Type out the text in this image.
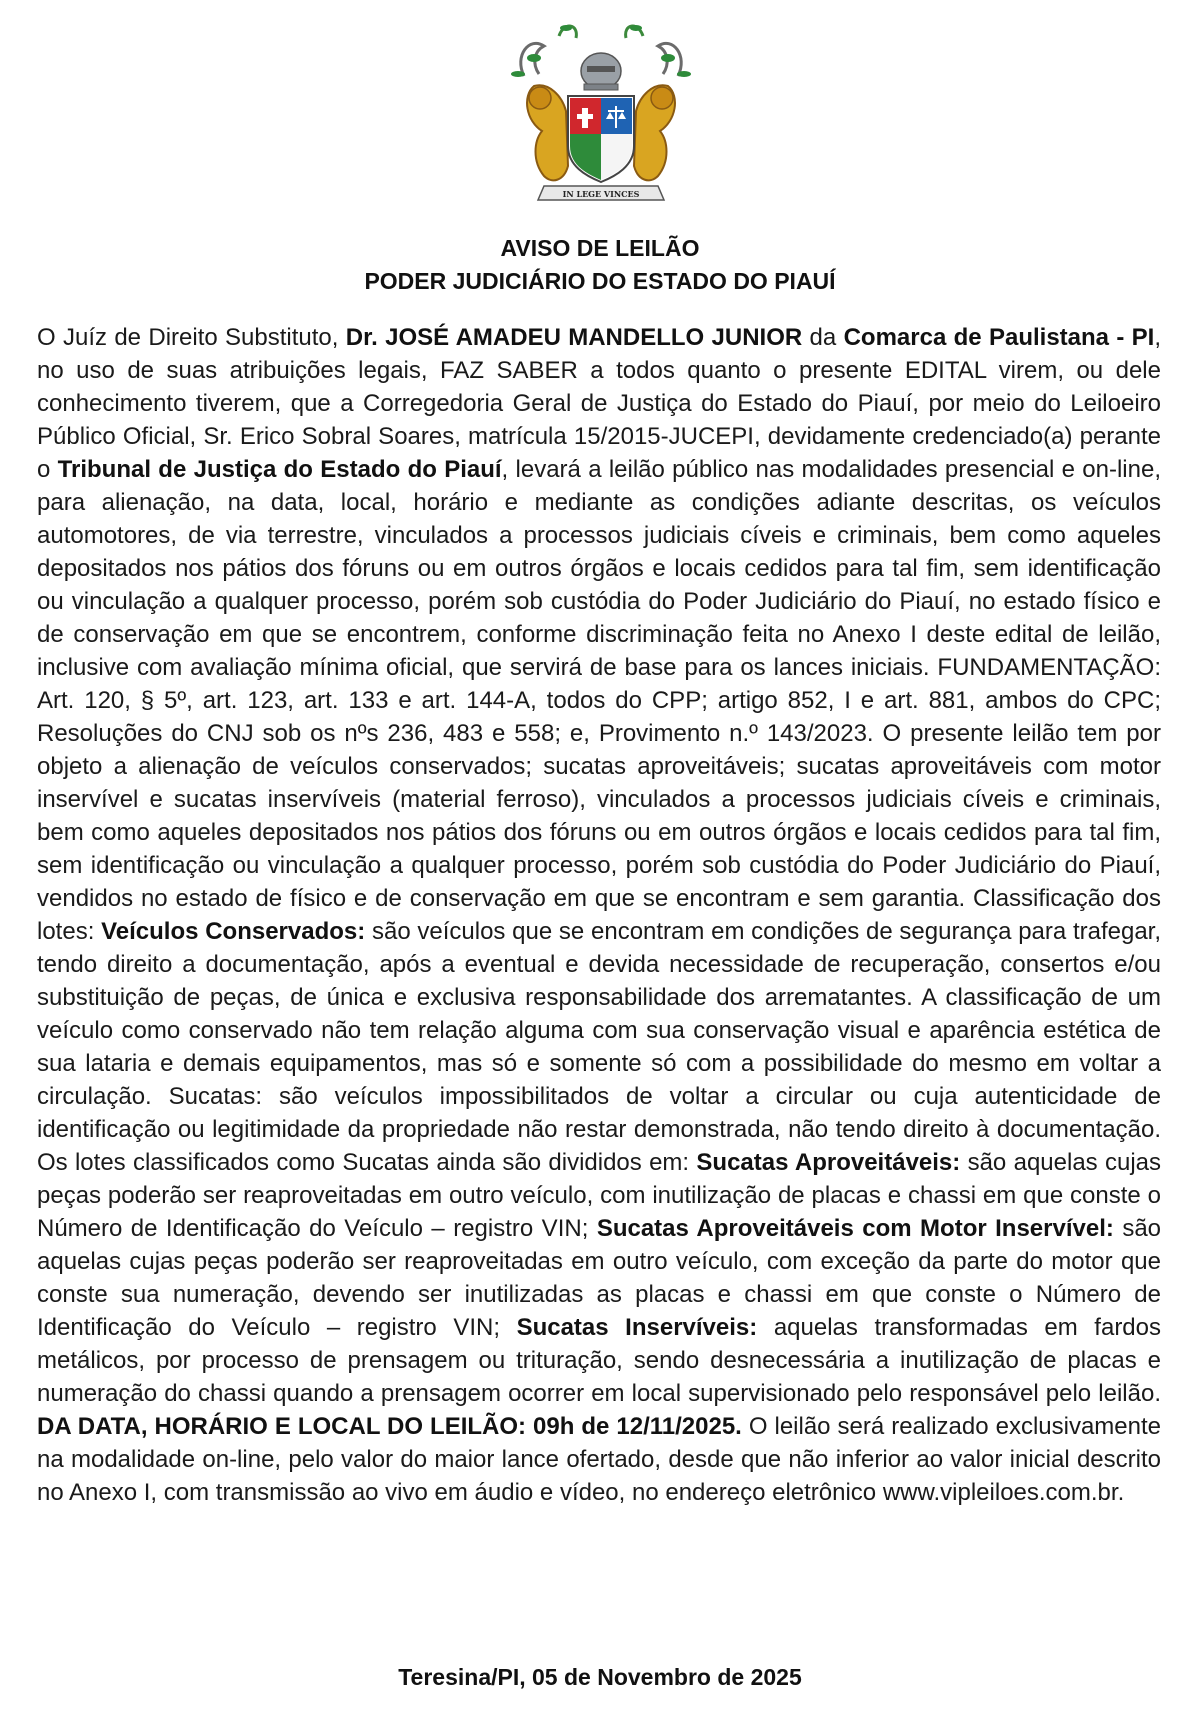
IN LEGE VINCES
AVISO DE LEILÃO
PODER JUDICIÁRIO DO ESTADO DO PIAUÍ
O Juíz de Direito Substituto, Dr. JOSÉ AMADEU MANDELLO JUNIOR da Comarca de Paulistana - PI, no uso de suas atribuições legais, FAZ SABER a todos quanto o presente EDITAL virem, ou dele conhecimento tiverem, que a Corregedoria Geral de Justiça do Estado do Piauí, por meio do Leiloeiro Público Oficial, Sr. Erico Sobral Soares, matrícula 15/2015-JUCEPI, devidamente credenciado(a) perante o Tribunal de Justiça do Estado do Piauí, levará a leilão público nas modalidades presencial e on-line, para alienação, na data, local, horário e mediante as condições adiante descritas, os veículos automotores, de via terrestre, vinculados a processos judiciais cíveis e criminais, bem como aqueles depositados nos pátios dos fóruns ou em outros órgãos e locais cedidos para tal fim, sem identificação ou vinculação a qualquer processo, porém sob custódia do Poder Judiciário do Piauí, no estado físico e de conservação em que se encontrem, conforme discriminação feita no Anexo I deste edital de leilão, inclusive com avaliação mínima oficial, que servirá de base para os lances iniciais. FUNDAMENTAÇÃO: Art. 120, § 5º, art. 123, art. 133 e art. 144-A, todos do CPP; artigo 852, I e art. 881, ambos do CPC; Resoluções do CNJ sob os nºs 236, 483 e 558; e, Provimento n.º 143/2023. O presente leilão tem por objeto a alienação de veículos conservados; sucatas aproveitáveis; sucatas aproveitáveis com motor inservível e sucatas inservíveis (material ferroso), vinculados a processos judiciais cíveis e criminais, bem como aqueles depositados nos pátios dos fóruns ou em outros órgãos e locais cedidos para tal fim, sem identificação ou vinculação a qualquer processo, porém sob custódia do Poder Judiciário do Piauí, vendidos no estado de físico e de conservação em que se encontram e sem garantia. Classificação dos lotes: Veículos Conservados: são veículos que se encontram em condições de segurança para trafegar, tendo direito a documentação, após a eventual e devida necessidade de recuperação, consertos e/ou substituição de peças, de única e exclusiva responsabilidade dos arrematantes. A classificação de um veículo como conservado não tem relação alguma com sua conservação visual e aparência estética de sua lataria e demais equipamentos, mas só e somente só com a possibilidade do mesmo em voltar a circulação. Sucatas: são veículos impossibilitados de voltar a circular ou cuja autenticidade de identificação ou legitimidade da propriedade não restar demonstrada, não tendo direito à documentação. Os lotes classificados como Sucatas ainda são divididos em: Sucatas Aproveitáveis: são aquelas cujas peças poderão ser reaproveitadas em outro veículo, com inutilização de placas e chassi em que conste o Número de Identificação do Veículo – registro VIN; Sucatas Aproveitáveis com Motor Inservível: são aquelas cujas peças poderão ser reaproveitadas em outro veículo, com exceção da parte do motor que conste sua numeração, devendo ser inutilizadas as placas e chassi em que conste o Número de Identificação do Veículo – registro VIN; Sucatas Inservíveis: aquelas transformadas em fardos metálicos, por processo de prensagem ou trituração, sendo desnecessária a inutilização de placas e numeração do chassi quando a prensagem ocorrer em local supervisionado pelo responsável pelo leilão. DA DATA, HORÁRIO E LOCAL DO LEILÃO: 09h de 12/11/2025. O leilão será realizado exclusivamente na modalidade on-line, pelo valor do maior lance ofertado, desde que não inferior ao valor inicial descrito no Anexo I, com transmissão ao vivo em áudio e vídeo, no endereço eletrônico www.vipleiloes.com.br.
Teresina/PI, 05 de Novembro de 2025
